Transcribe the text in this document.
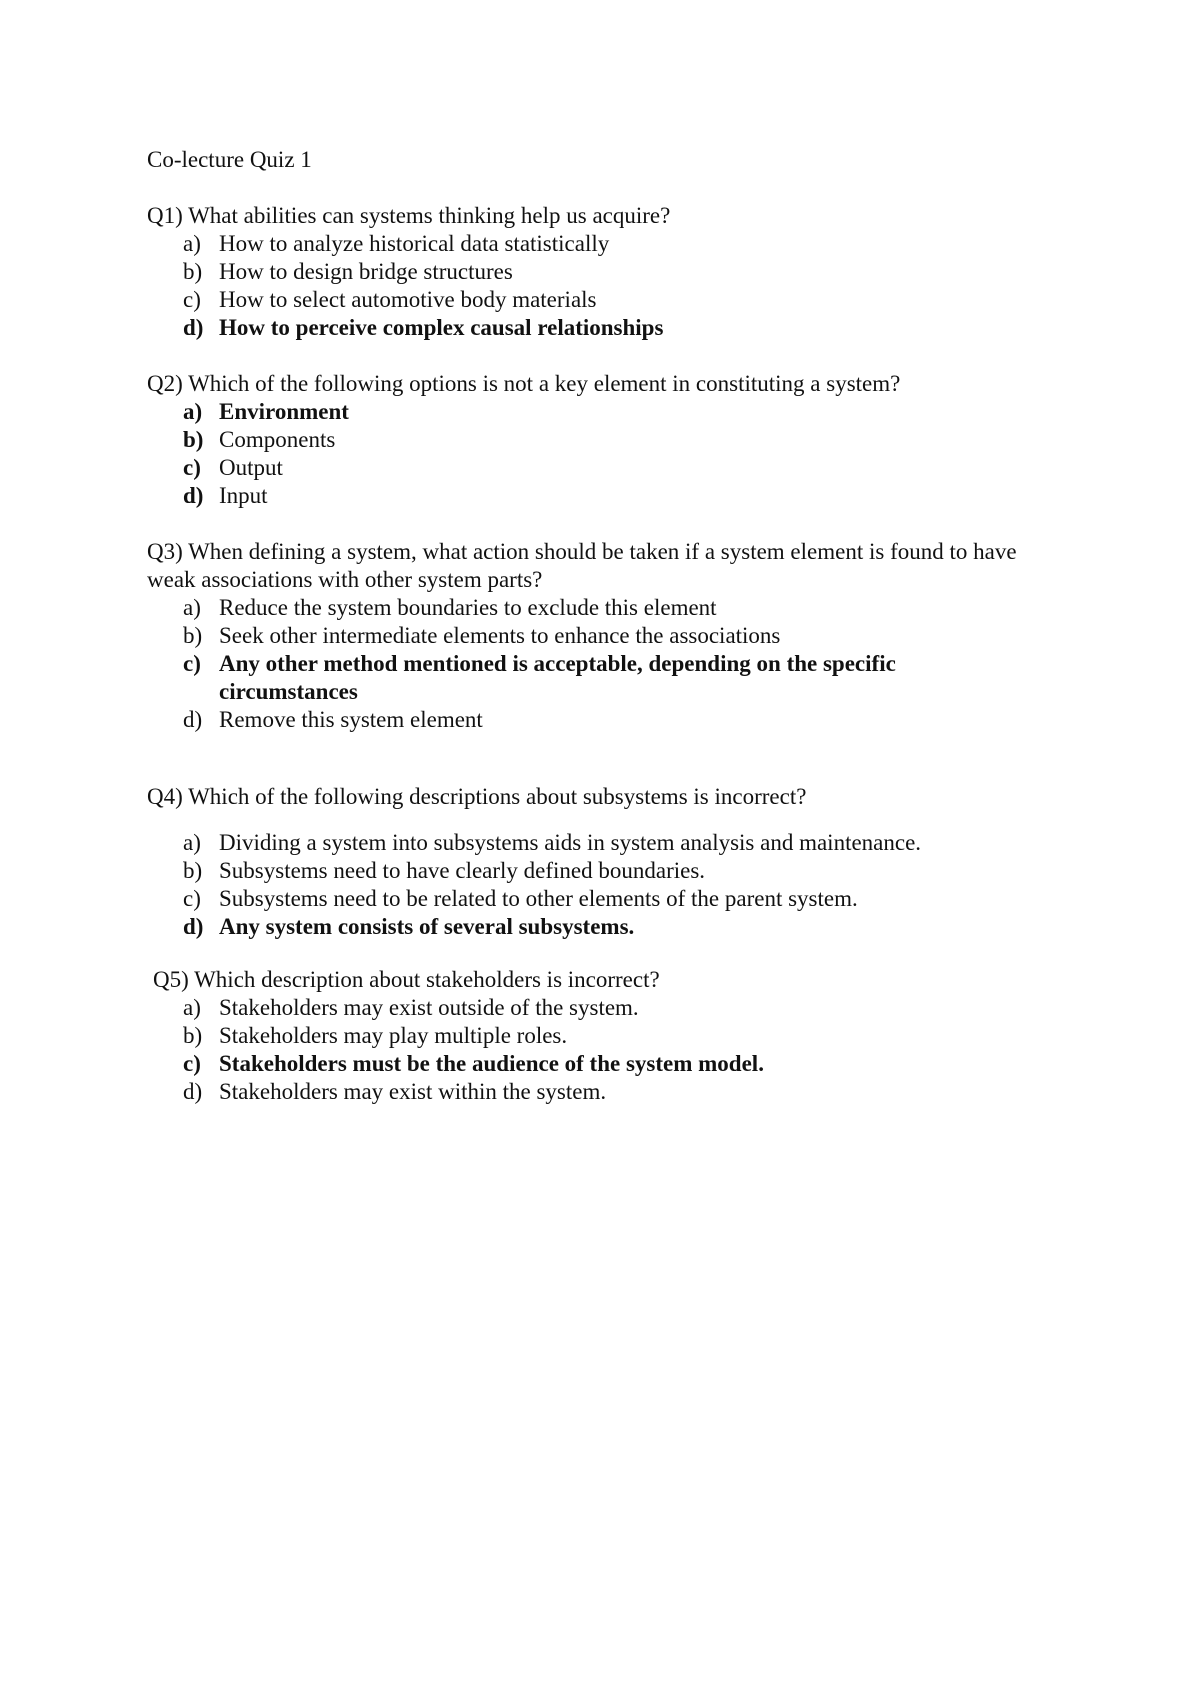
Co-lecture Quiz 1

Q1) What abilities can systems thinking help us acquire?

a) How to analyze historical data statistically
b) How to design bridge structures
c) How to select automotive body materials
d) How to perceive complex causal relationships

Q2) Which of the following options is not a key element in constituting a system?

a) Environment
b) Components
c) Output
d) Input

Q3) When defining a system, what action should be taken if a system element is found to have weak associations with other system parts?

a) Reduce the system boundaries to exclude this element
b) Seek other intermediate elements to enhance the associations
c) Any other method mentioned is acceptable, depending on the specific circumstances
d) Remove this system element

Q4) Which of the following descriptions about subsystems is incorrect?

a) Dividing a system into subsystems aids in system analysis and maintenance.
b) Subsystems need to have clearly defined boundaries.
c) Subsystems need to be related to other elements of the parent system.
d) Any system consists of several subsystems.

Q5) Which description about stakeholders is incorrect?

a) Stakeholders may exist outside of the system.
b) Stakeholders may play multiple roles.
c) Stakeholders must be the audience of the system model.
d) Stakeholders may exist within the system.
